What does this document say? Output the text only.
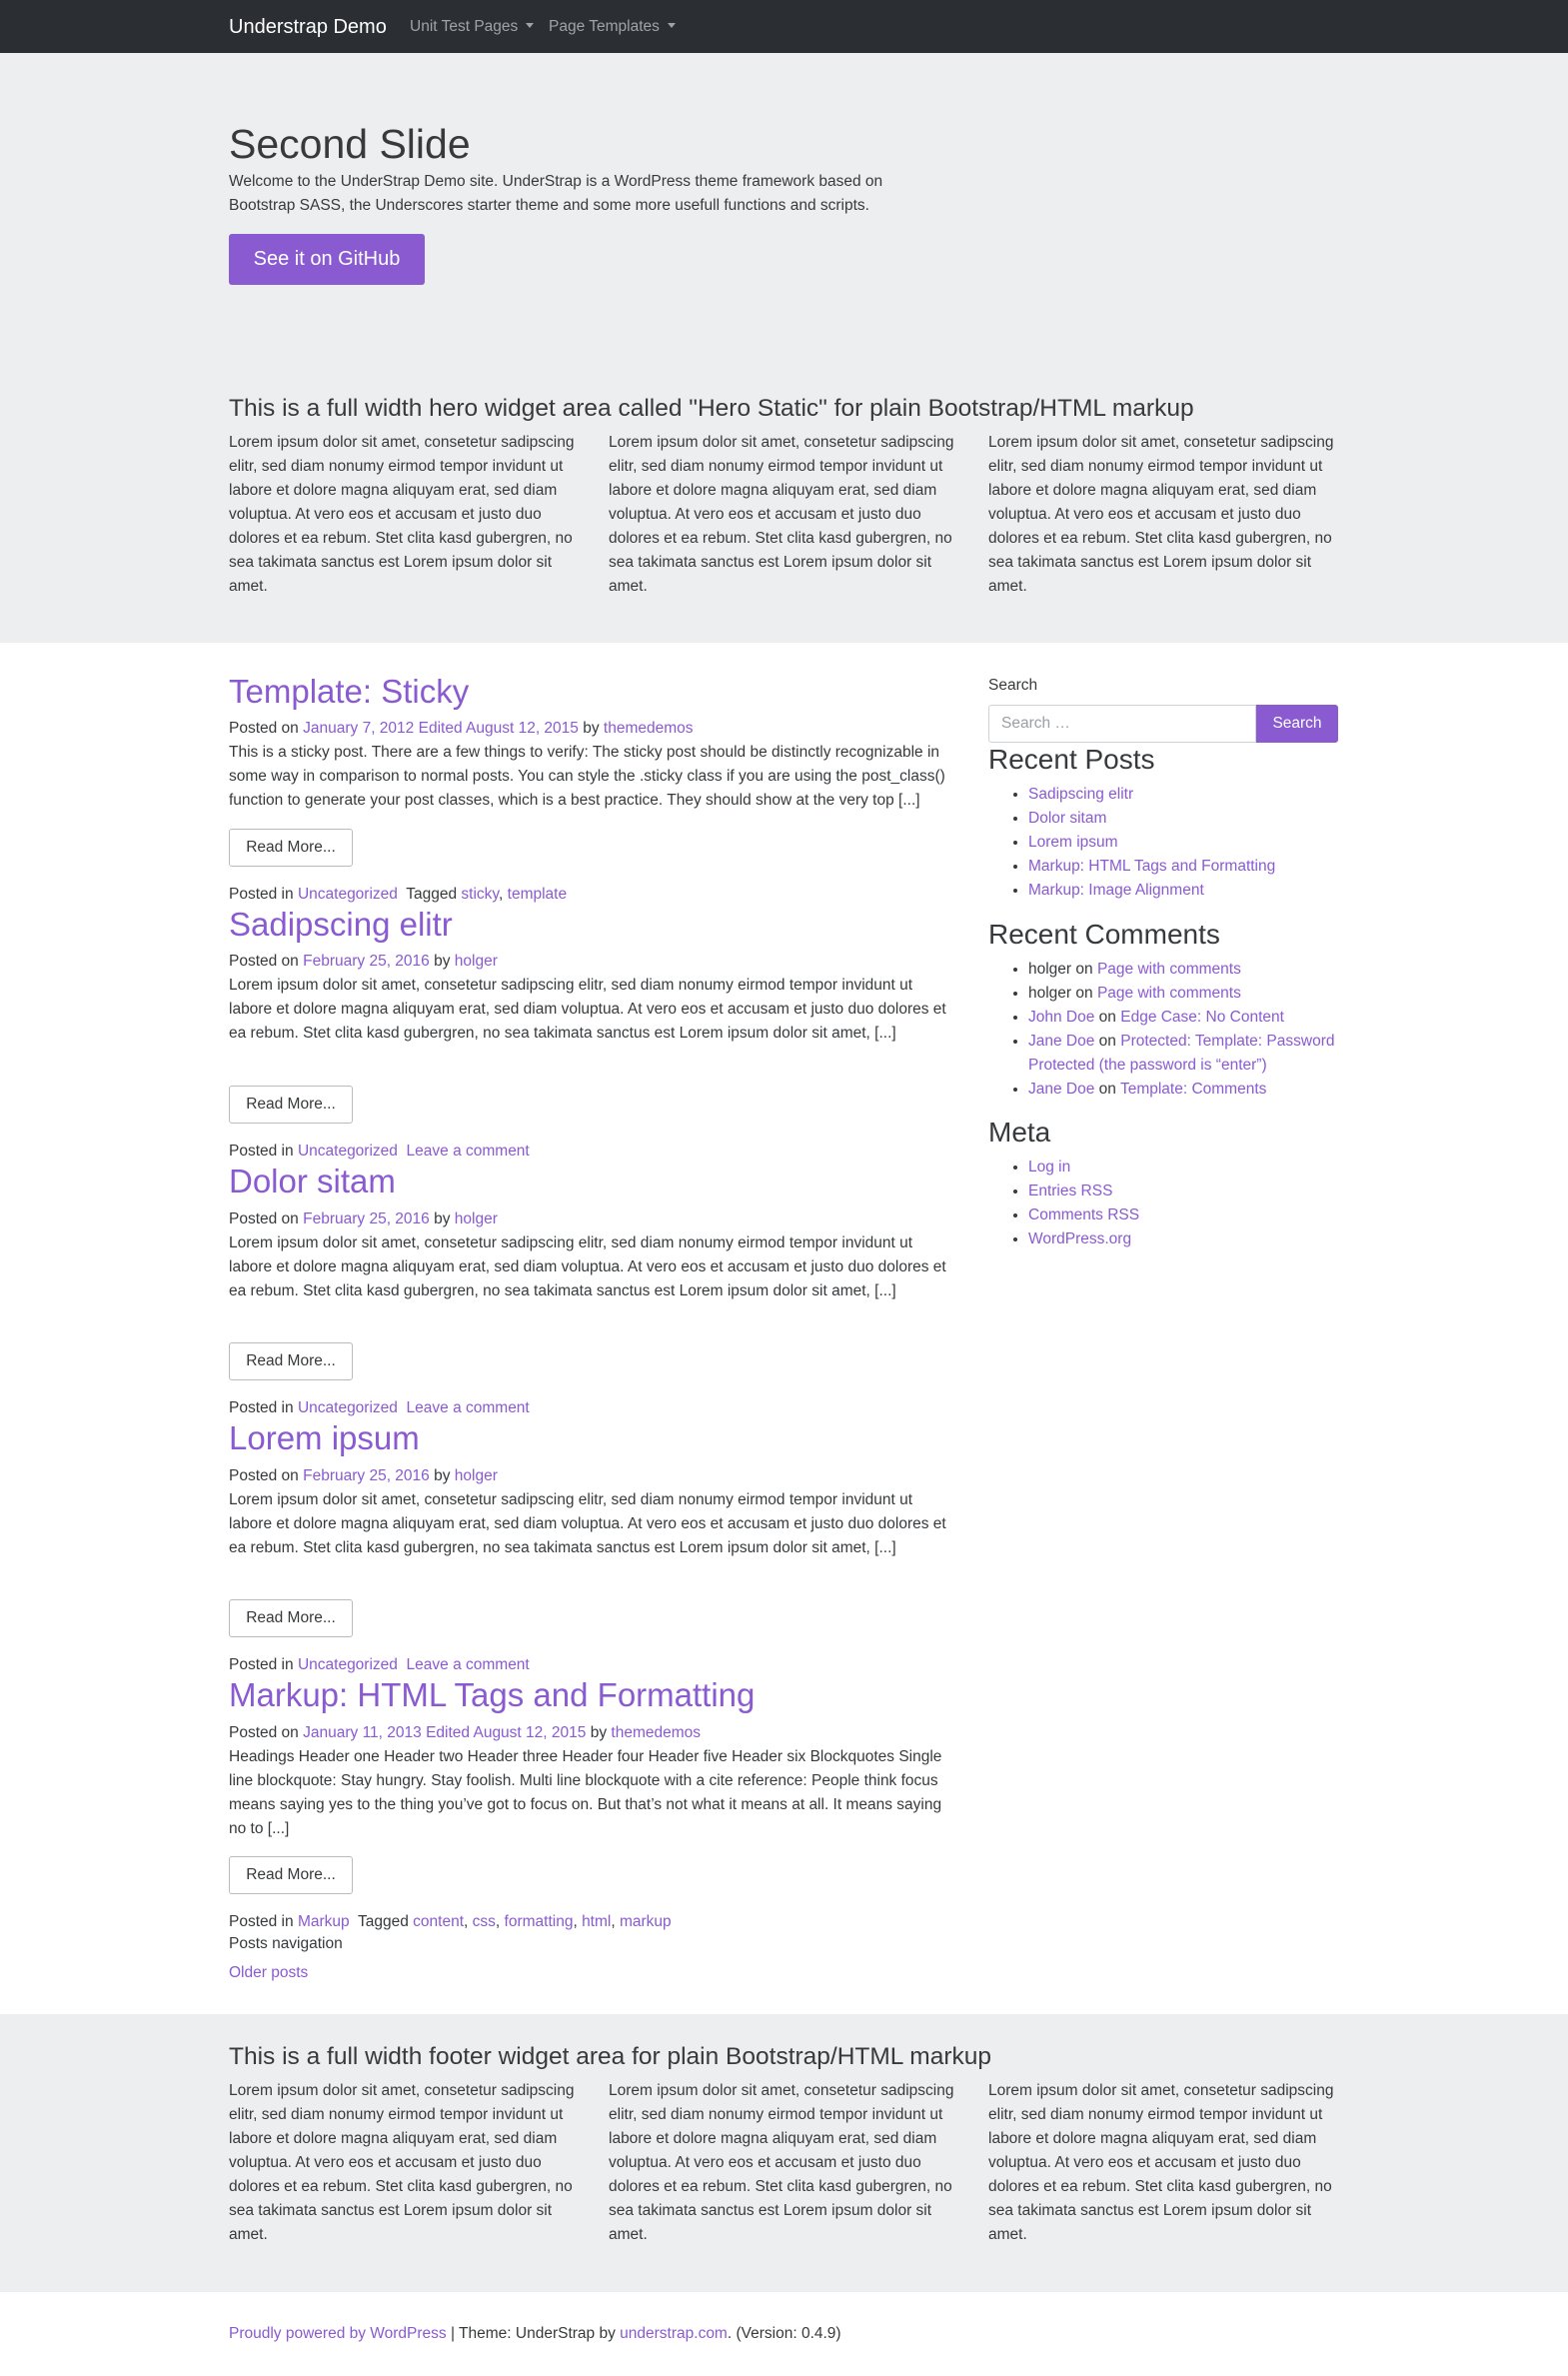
Understrap Demo Unit Test Pages	Page Templates
Second Slide

Welcome to the UnderStrap Demo site. UnderStrap is a WordPress theme framework based on Bootstrap SASS, the Underscores starter theme and some more usefull functions and scripts.

See it on GitHub
This is a full width hero widget area called "Hero Static" for plain Bootstrap/HTML markup
Lorem ipsum dolor sit amet, consetetur sadipscing elitr, sed diam nonumy eirmod tempor invidunt ut labore et dolore magna aliquyam erat, sed diam voluptua. At vero eos et accusam et justo duo dolores et ea rebum. Stet clita kasd gubergren, no sea takimata sanctus est Lorem ipsum dolor sit amet.
Lorem ipsum dolor sit amet, consetetur sadipscing elitr, sed diam nonumy eirmod tempor invidunt ut labore et dolore magna aliquyam erat, sed diam voluptua. At vero eos et accusam et justo duo dolores et ea rebum. Stet clita kasd gubergren, no sea takimata sanctus est Lorem ipsum dolor sit amet.
Lorem ipsum dolor sit amet, consetetur sadipscing elitr, sed diam nonumy eirmod tempor invidunt ut labore et dolore magna aliquyam erat, sed diam voluptua. At vero eos et accusam et justo duo dolores et ea rebum. Stet clita kasd gubergren, no sea takimata sanctus est Lorem ipsum dolor sit amet.
Template: Sticky
Posted on January 7, 2012 Edited August 12, 2015 by themedemos

This is a sticky post. There are a few things to verify: The sticky post should be distinctly recognizable in some way in comparison to normal posts. You can style the .sticky class if you are using the post_class() function to generate your post classes, which is a best practice. They should show at the very top [...]

Read More...
Posted in Uncategorized Tagged sticky, template
Sadipscing elitr
Posted on February 25, 2016 by holger

Lorem ipsum dolor sit amet, consetetur sadipscing elitr, sed diam nonumy eirmod tempor invidunt ut labore et dolore magna aliquyam erat, sed diam voluptua. At vero eos et accusam et justo duo dolores et ea rebum. Stet clita kasd gubergren, no sea takimata sanctus est Lorem ipsum dolor sit amet, [...]

Read More...
Posted in Uncategorized Leave a comment
Dolor sitam
Posted on February 25, 2016 by holger

Lorem ipsum dolor sit amet, consetetur sadipscing elitr, sed diam nonumy eirmod tempor invidunt ut labore et dolore magna aliquyam erat, sed diam voluptua. At vero eos et accusam et justo duo dolores et ea rebum. Stet clita kasd gubergren, no sea takimata sanctus est Lorem ipsum dolor sit amet, [...]

Read More...
Posted in Uncategorized Leave a comment
Lorem ipsum
Posted on February 25, 2016 by holger

Lorem ipsum dolor sit amet, consetetur sadipscing elitr, sed diam nonumy eirmod tempor invidunt ut labore et dolore magna aliquyam erat, sed diam voluptua. At vero eos et accusam et justo duo dolores et ea rebum. Stet clita kasd gubergren, no sea takimata sanctus est Lorem ipsum dolor sit amet, [...]

Read More...
Posted in Uncategorized Leave a comment
Markup: HTML Tags and Formatting
Posted on January 11, 2013 Edited August 12, 2015 by themedemos

Headings Header one Header two Header three Header four Header five Header six Blockquotes Single line blockquote: Stay hungry. Stay foolish. Multi line blockquote with a cite reference: People think focus means saying yes to the thing you’ve got to focus on. But that’s not what it means at all. It means saying no to [...]

Read More...
Posted in Markup Tagged content, css, formatting, html, markup
Posts navigation
Older posts
Search
Search …	Search
Recent Posts
• Sadipscing elitr
• Dolor sitam
• Lorem ipsum
• Markup: HTML Tags and Formatting
• Markup: Image Alignment
Recent Comments
• holger on Page with comments
• holger on Page with comments
• John Doe on Edge Case: No Content
• Jane Doe on Protected: Template: Password Protected (the password is “enter”)
• Jane Doe on Template: Comments
Meta
• Log in
• Entries RSS
• Comments RSS
• WordPress.org
This is a full width footer widget area for plain Bootstrap/HTML markup
Lorem ipsum dolor sit amet, consetetur sadipscing elitr, sed diam nonumy eirmod tempor invidunt ut labore et dolore magna aliquyam erat, sed diam voluptua. At vero eos et accusam et justo duo dolores et ea rebum. Stet clita kasd gubergren, no sea takimata sanctus est Lorem ipsum dolor sit amet.
Lorem ipsum dolor sit amet, consetetur sadipscing elitr, sed diam nonumy eirmod tempor invidunt ut labore et dolore magna aliquyam erat, sed diam voluptua. At vero eos et accusam et justo duo dolores et ea rebum. Stet clita kasd gubergren, no sea takimata sanctus est Lorem ipsum dolor sit amet.
Lorem ipsum dolor sit amet, consetetur sadipscing elitr, sed diam nonumy eirmod tempor invidunt ut labore et dolore magna aliquyam erat, sed diam voluptua. At vero eos et accusam et justo duo dolores et ea rebum. Stet clita kasd gubergren, no sea takimata sanctus est Lorem ipsum dolor sit amet.
Proudly powered by WordPress | Theme: UnderStrap by understrap.com. (Version: 0.4.9)
